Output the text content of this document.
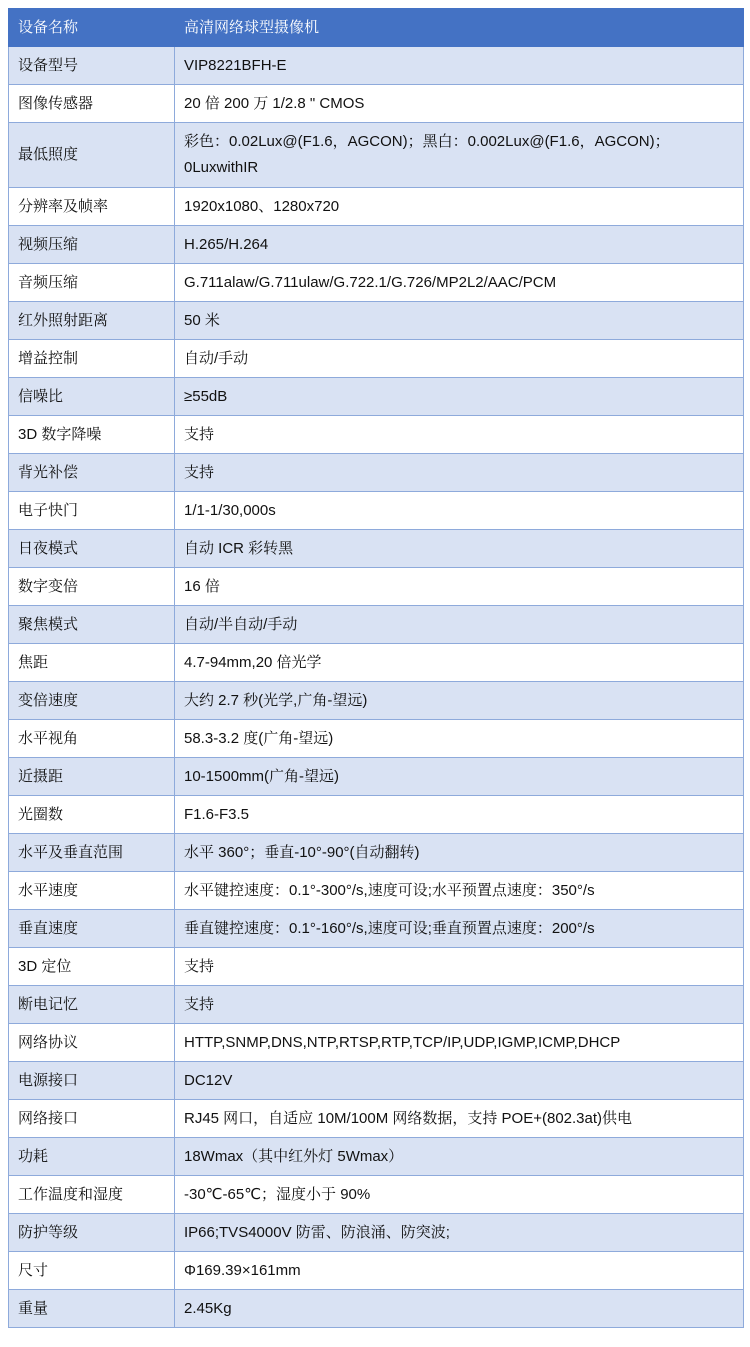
设备名称	高清网络球型摄像机
设备型号	VIP8221BFH-E
图像传感器	20 倍 200 万 1/2.8 " CMOS
最低照度	彩色：0.02Lux@(F1.6，AGCON)；黑白：0.002Lux@(F1.6，AGCON)；0LuxwithIR
分辨率及帧率	1920x1080、1280x720
视频压缩	H.265/H.264
音频压缩	G.711alaw/G.711ulaw/G.722.1/G.726/MP2L2/AAC/PCM
红外照射距离	50 米
增益控制	自动/手动
信噪比	≥55dB
3D 数字降噪	支持
背光补偿	支持
电子快门	1/1-1/30,000s
日夜模式	自动 ICR 彩转黑
数字变倍	16 倍
聚焦模式	自动/半自动/手动
焦距	4.7-94mm,20 倍光学
变倍速度	大约 2.7 秒(光学,广角-望远)
水平视角	58.3-3.2 度(广角-望远)
近摄距	10-1500mm(广角-望远)
光圈数	F1.6-F3.5
水平及垂直范围	水平 360°；垂直-10°-90°(自动翻转)
水平速度	水平键控速度：0.1°-300°/s,速度可设;水平预置点速度：350°/s
垂直速度	垂直键控速度：0.1°-160°/s,速度可设;垂直预置点速度：200°/s
3D 定位	支持
断电记忆	支持
网络协议	HTTP,SNMP,DNS,NTP,RTSP,RTP,TCP/IP,UDP,IGMP,ICMP,DHCP
电源接口	DC12V
网络接口	RJ45 网口，自适应 10M/100M 网络数据，支持 POE+(802.3at)供电
功耗	18Wmax（其中红外灯 5Wmax）
工作温度和湿度	-30℃-65℃；湿度小于 90%
防护等级	IP66;TVS4000V 防雷、防浪涌、防突波;
尺寸	Φ169.39×161mm
重量	2.45Kg
